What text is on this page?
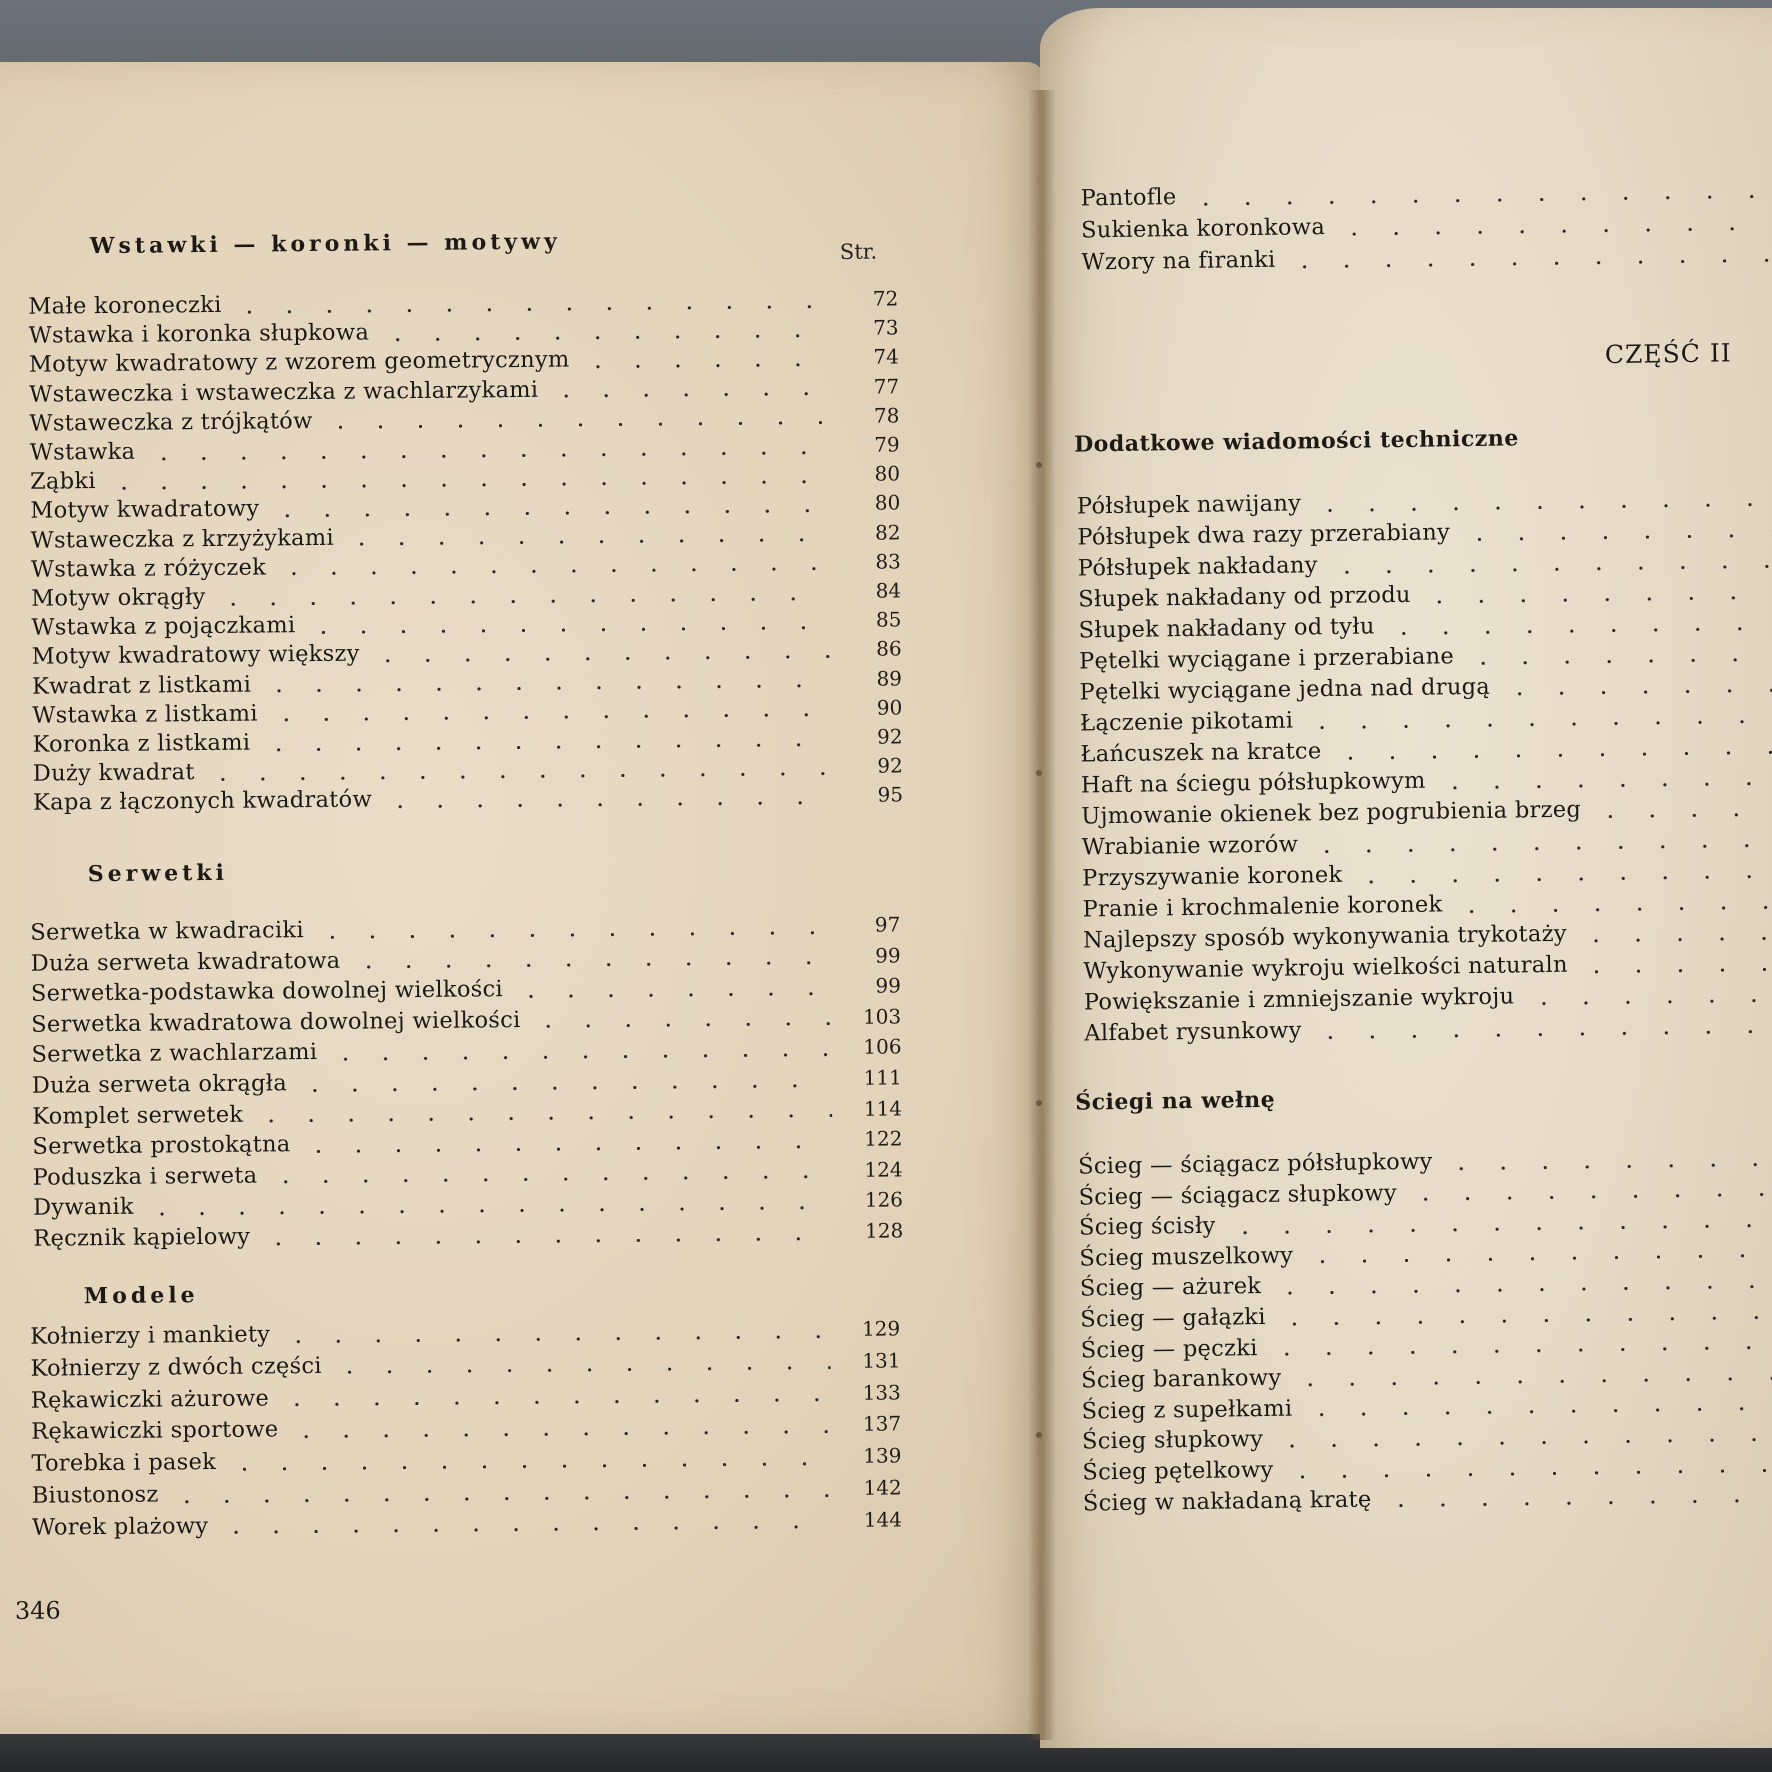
Wstawki — koronki — motywy	Str.
Serwetki
Modele
346
Małe koroneczki	72
Wstawka i koronka słupkowa	73
Motyw kwadratowy z wzorem geometrycznym	74
Wstaweczka i wstaweczka z wachlarzykami	77
Wstaweczka z trójkątów	78
Wstawka	79
Ząbki	80
Motyw kwadratowy	80
Wstaweczka z krzyżykami	82
Wstawka z różyczek	83
Motyw okrągły	84
Wstawka z pojączkami	85
Motyw kwadratowy większy	86
Kwadrat z listkami	89
Wstawka z listkami	90
Koronka z listkami	92
Duży kwadrat	92
Kapa z łączonych kwadratów	95
Serwetka w kwadraciki	97
Duża serweta kwadratowa	99
Serwetka-podstawka dowolnej wielkości	99
Serwetka kwadratowa dowolnej wielkości	103
Serwetka z wachlarzami	106
Duża serweta okrągła	111
Komplet serwetek	114
Serwetka prostokątna	122
Poduszka i serweta	124
Dywanik	126
Ręcznik kąpielowy	128
Kołnierzy i mankiety	129
Kołnierzy z dwóch części	131
Rękawiczki ażurowe	133
Rękawiczki sportowe	137
Torebka i pasek	139
Biustonosz	142
Worek plażowy	144
CZĘŚĆ II
Dodatkowe wiadomości techniczne
Ściegi na wełnę
Pantofle
Sukienka koronkowa
Wzory na firanki
Półsłupek nawijany
Półsłupek dwa razy przerabiany
Półsłupek nakładany
Słupek nakładany od przodu
Słupek nakładany od tyłu
Pętelki wyciągane i przerabiane
Pętelki wyciągane jedna nad drugą
Łączenie pikotami
Łańcuszek na kratce
Haft na ściegu półsłupkowym
Ujmowanie okienek bez pogrubienia brzeg
Wrabianie wzorów
Przyszywanie koronek
Pranie i krochmalenie koronek
Najlepszy sposób wykonywania trykotaży
Wykonywanie wykroju wielkości naturaln
Powiększanie i zmniejszanie wykroju
Alfabet rysunkowy
Ścieg — ściągacz półsłupkowy
Ścieg — ściągacz słupkowy
Ścieg ścisły
Ścieg muszelkowy
Ścieg — ażurek
Ścieg — gałązki
Ścieg — pęczki
Ścieg barankowy
Ścieg z supełkami
Ścieg słupkowy
Ścieg pętelkowy
Ścieg w nakładaną kratę
